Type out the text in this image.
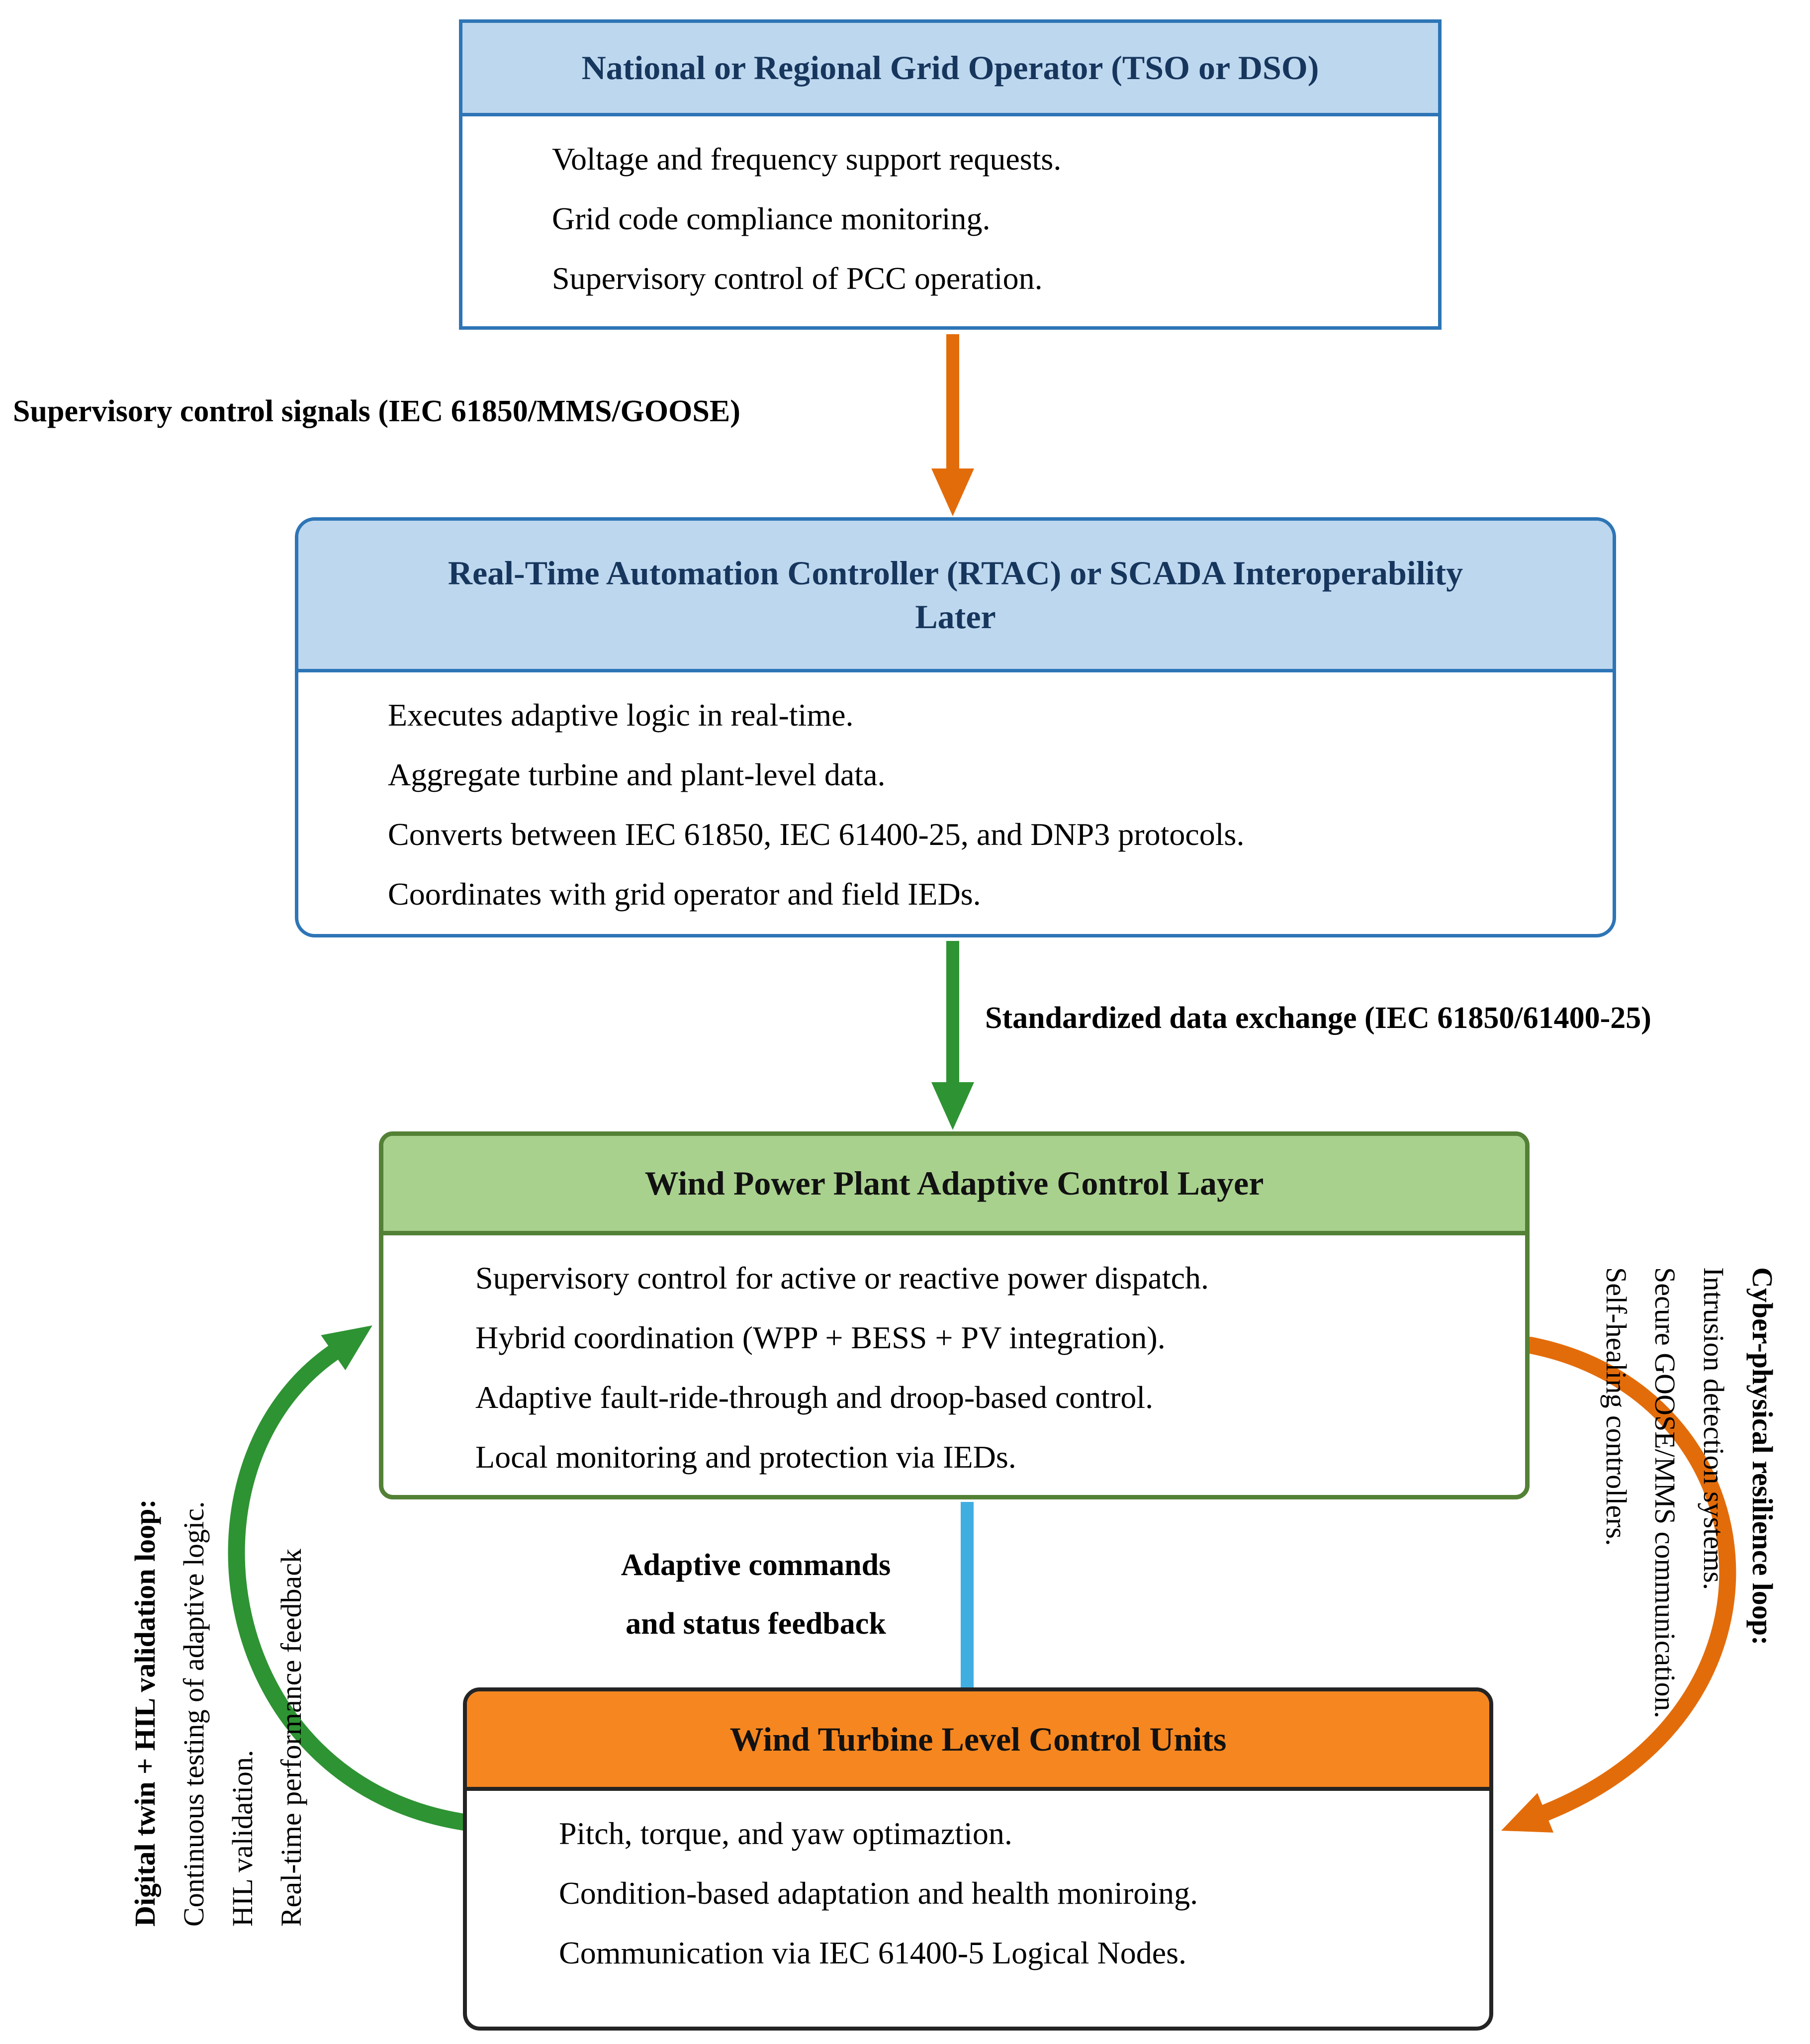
National or Regional Grid Operator (TSO or DSO)
Voltage and frequency support requests.
Grid code compliance monitoring.
Supervisory control of PCC operation.
Real-Time Automation Controller (RTAC) or SCADA Interoperability
Later
Executes adaptive logic in real-time.
Aggregate turbine and plant-level data.
Converts between IEC 61850, IEC 61400-25, and DNP3 protocols.
Coordinates with grid operator and field IEDs.
Wind Power Plant Adaptive Control Layer
Supervisory control for active or reactive power dispatch.
Hybrid coordination (WPP + BESS + PV integration).
Adaptive fault-ride-through and droop-based control.
Local monitoring and protection via IEDs.
Wind Turbine Level Control Units
Pitch, torque, and yaw optimaztion.
Condition-based adaptation and health moniroing.
Communication via IEC 61400-5 Logical Nodes.
Supervisory control signals (IEC 61850/MMS/GOOSE)
Standardized data exchange (IEC 61850/61400-25)
Adaptive commands
and status feedback
Digital twin + HIL validation loop: Continuous testing of adaptive logic. HIL validation. Real-time performance feedback
Cyber-physical resilience loop:
Intrusion detection systems.
Secure GOOSE/MMS communication.
Self-healing controllers.
